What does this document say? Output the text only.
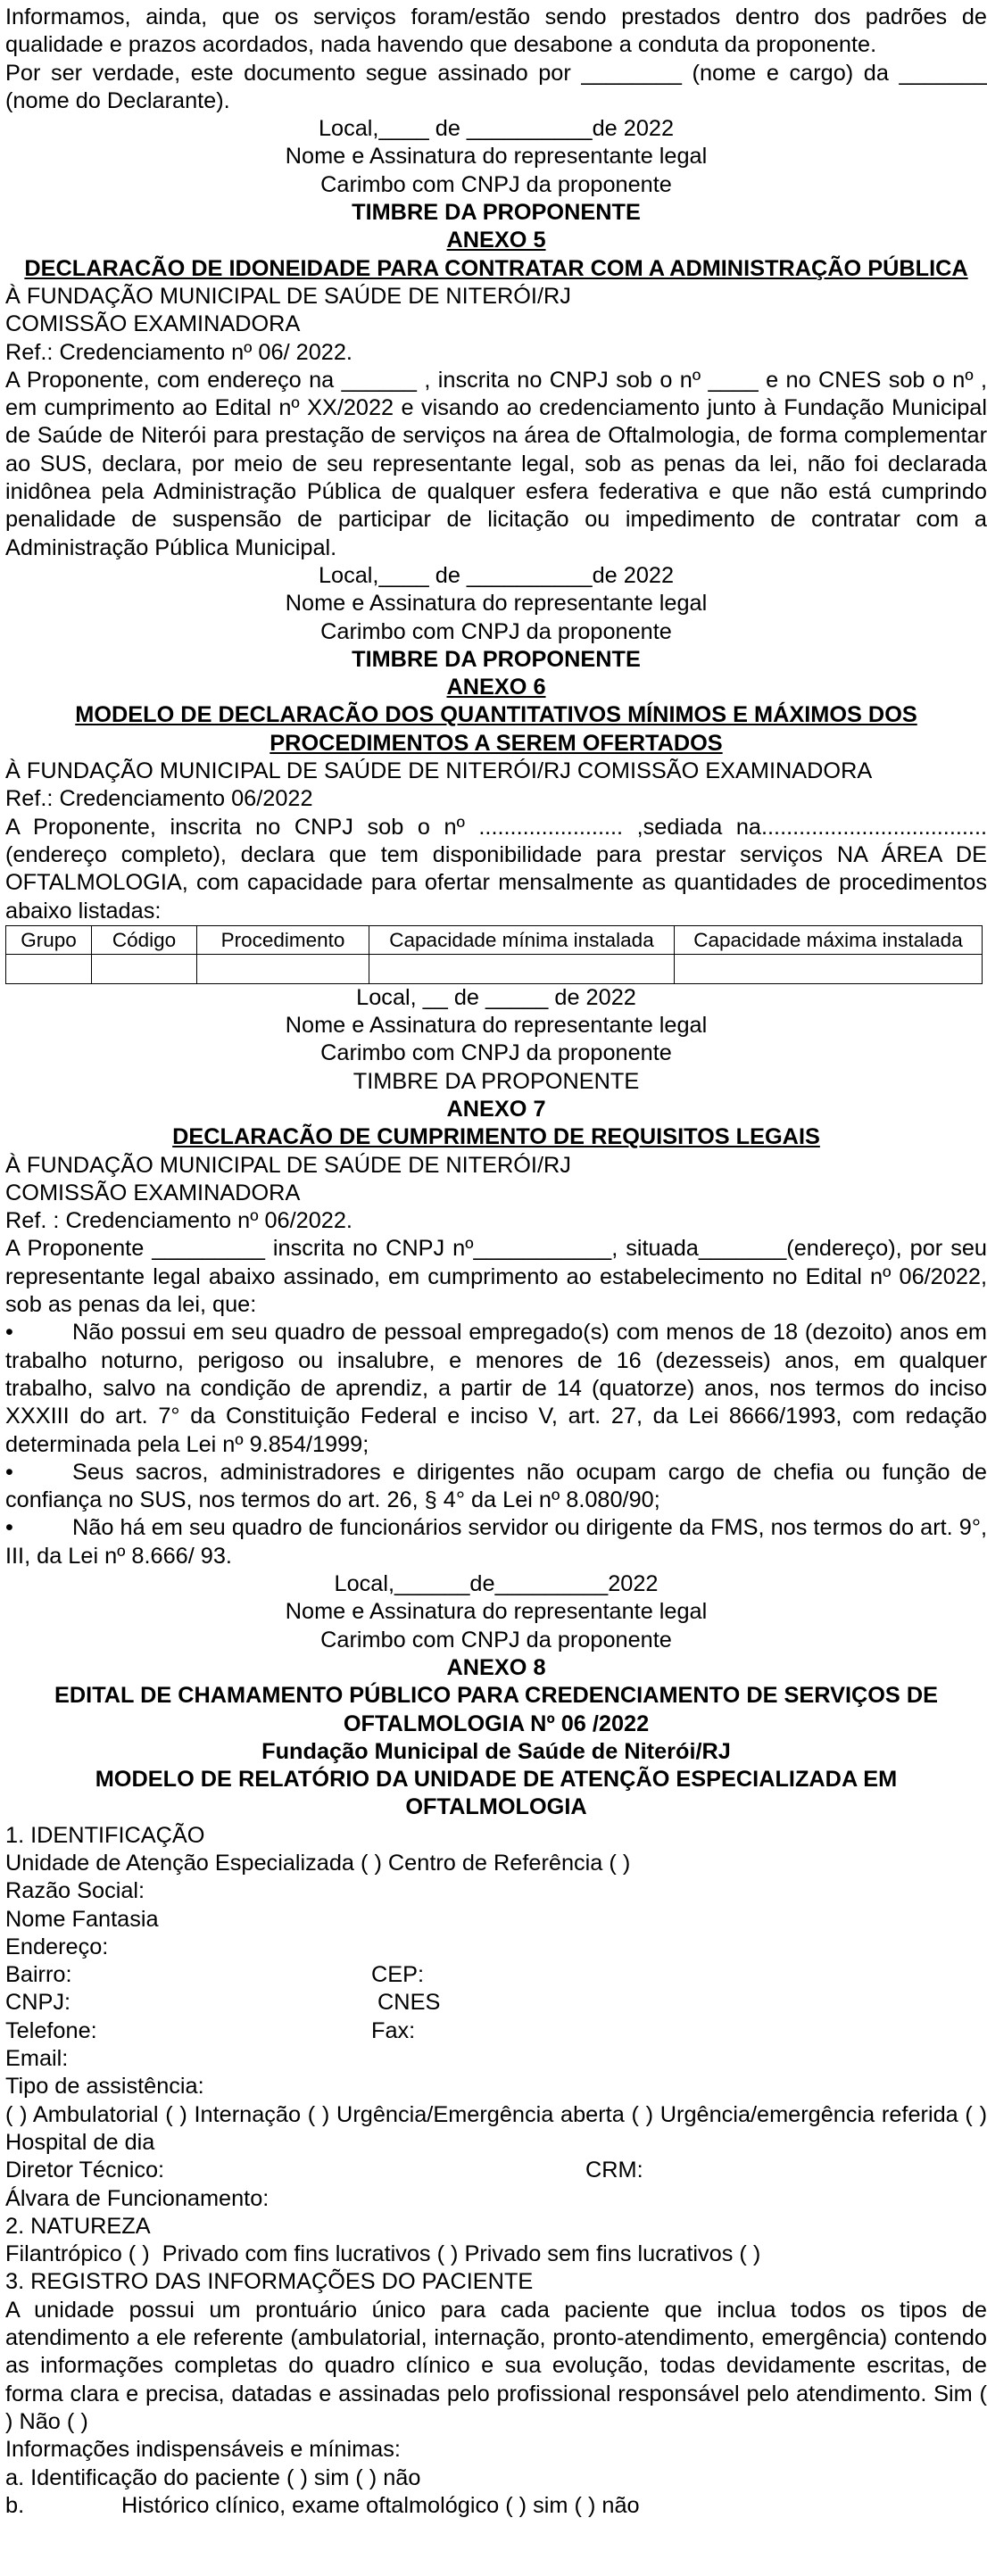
Informamos, ainda, que os serviços foram/estão sendo prestados dentro dos padrões de qualidade e prazos acordados, nada havendo que desabone a conduta da proponente.

Por ser verdade, este documento segue assinado por ________ (nome e cargo) da _______ (nome do Declarante).

Local,____ de __________de 2022

Nome e Assinatura do representante legal

Carimbo com CNPJ da proponente

TIMBRE DA PROPONENTE

ANEXO 5

DECLARACÃO DE IDONEIDADE PARA CONTRATAR COM A ADMINISTRAÇÃO PÚBLICA

À FUNDAÇÃO MUNICIPAL DE SAÚDE DE NITERÓI/RJ

COMISSÃO EXAMINADORA

Ref.: Credenciamento nº 06/ 2022.

A Proponente, com endereço na ______ , inscrita no CNPJ sob o nº ____ e no CNES sob o nº , em cumprimento ao Edital nº XX/2022 e visando ao credenciamento junto à Fundação Municipal de Saúde de Niterói para prestação de serviços na área de Oftalmologia, de forma complementar ao SUS, declara, por meio de seu representante legal, sob as penas da lei, não foi declarada inidônea pela Administração Pública de qualquer esfera federativa e que não está cumprindo penalidade de suspensão de participar de licitação ou impedimento de contratar com a Administração Pública Municipal.

Local,____ de __________de 2022

Nome e Assinatura do representante legal

Carimbo com CNPJ da proponente

TIMBRE DA PROPONENTE

ANEXO 6

MODELO DE DECLARACÃO DOS QUANTITATIVOS MÍNIMOS E MÁXIMOS DOS PROCEDIMENTOS A SEREM OFERTADOS

À FUNDAÇÃO MUNICIPAL DE SAÚDE DE NITERÓI/RJ COMISSÃO EXAMINADORA

Ref.: Credenciamento 06/2022

A Proponente, inscrita no CNPJ sob o nº ....................... ,sediada na.................................... (endereço completo), declara que tem disponibilidade para prestar serviços NA ÁREA DE OFTALMOLOGIA, com capacidade para ofertar mensalmente as quantidades de procedimentos abaixo listadas:

Grupo	Código	Procedimento	Capacidade mínima instalada	Capacidade máxima instalada

Local, __ de _____ de 2022

Nome e Assinatura do representante legal

Carimbo com CNPJ da proponente

TIMBRE DA PROPONENTE

ANEXO 7

DECLARACÃO DE CUMPRIMENTO DE REQUISITOS LEGAIS

À FUNDAÇÃO MUNICIPAL DE SAÚDE DE NITERÓI/RJ

COMISSÃO EXAMINADORA

Ref. : Credenciamento nº 06/2022.

A Proponente _________ inscrita no CNPJ nº___________, situada_______(endereço), por seu representante legal abaixo assinado, em cumprimento ao estabelecimento no Edital nº 06/2022, sob as penas da lei, que:

•	Não possui em seu quadro de pessoal empregado(s) com menos de 18 (dezoito) anos em trabalho noturno, perigoso ou insalubre, e menores de 16 (dezesseis) anos, em qualquer trabalho, salvo na condição de aprendiz, a partir de 14 (quatorze) anos, nos termos do inciso XXXIII do art. 7° da Constituição Federal e inciso V, art. 27, da Lei 8666/1993, com redação determinada pela Lei nº 9.854/1999;

•	Seus sacros, administradores e dirigentes não ocupam cargo de chefia ou função de confiança no SUS, nos termos do art. 26, § 4° da Lei nº 8.080/90;

•	Não há em seu quadro de funcionários servidor ou dirigente da FMS, nos termos do art. 9°, III, da Lei nº 8.666/ 93.

Local,______de_________2022

Nome e Assinatura do representante legal

Carimbo com CNPJ da proponente

ANEXO 8

EDITAL DE CHAMAMENTO PÚBLICO PARA CREDENCIAMENTO DE SERVIÇOS DE OFTALMOLOGIA Nº 06 /2022

Fundação Municipal de Saúde de Niterói/RJ

MODELO DE RELATÓRIO DA UNIDADE DE ATENÇÃO ESPECIALIZADA EM OFTALMOLOGIA

1. IDENTIFICAÇÃO

Unidade de Atenção Especializada ( ) Centro de Referência ( )

Razão Social:

Nome Fantasia

Endereço:

Bairro:	CEP:
CNPJ:	CNES
Telefone:	Fax:

Email:

Tipo de assistência:

( ) Ambulatorial ( ) Internação ( ) Urgência/Emergência aberta ( ) Urgência/emergência referida ( ) Hospital de dia

Diretor Técnico:	CRM:

Álvara de Funcionamento:

2. NATUREZA

Filantrópico ( )  Privado com fins lucrativos ( ) Privado sem fins lucrativos ( )

3. REGISTRO DAS INFORMAÇÕES DO PACIENTE

A unidade possui um prontuário único para cada paciente que inclua todos os tipos de atendimento a ele referente (ambulatorial, internação, pronto-atendimento, emergência) contendo as informações completas do quadro clínico e sua evolução, todas devidamente escritas, de forma clara e precisa, datadas e assinadas pelo profissional responsável pelo atendimento. Sim ( ) Não ( )

Informações indispensáveis e mínimas:

a. Identificação do paciente ( ) sim ( ) não

b.	Histórico clínico, exame oftalmológico ( ) sim ( ) não
